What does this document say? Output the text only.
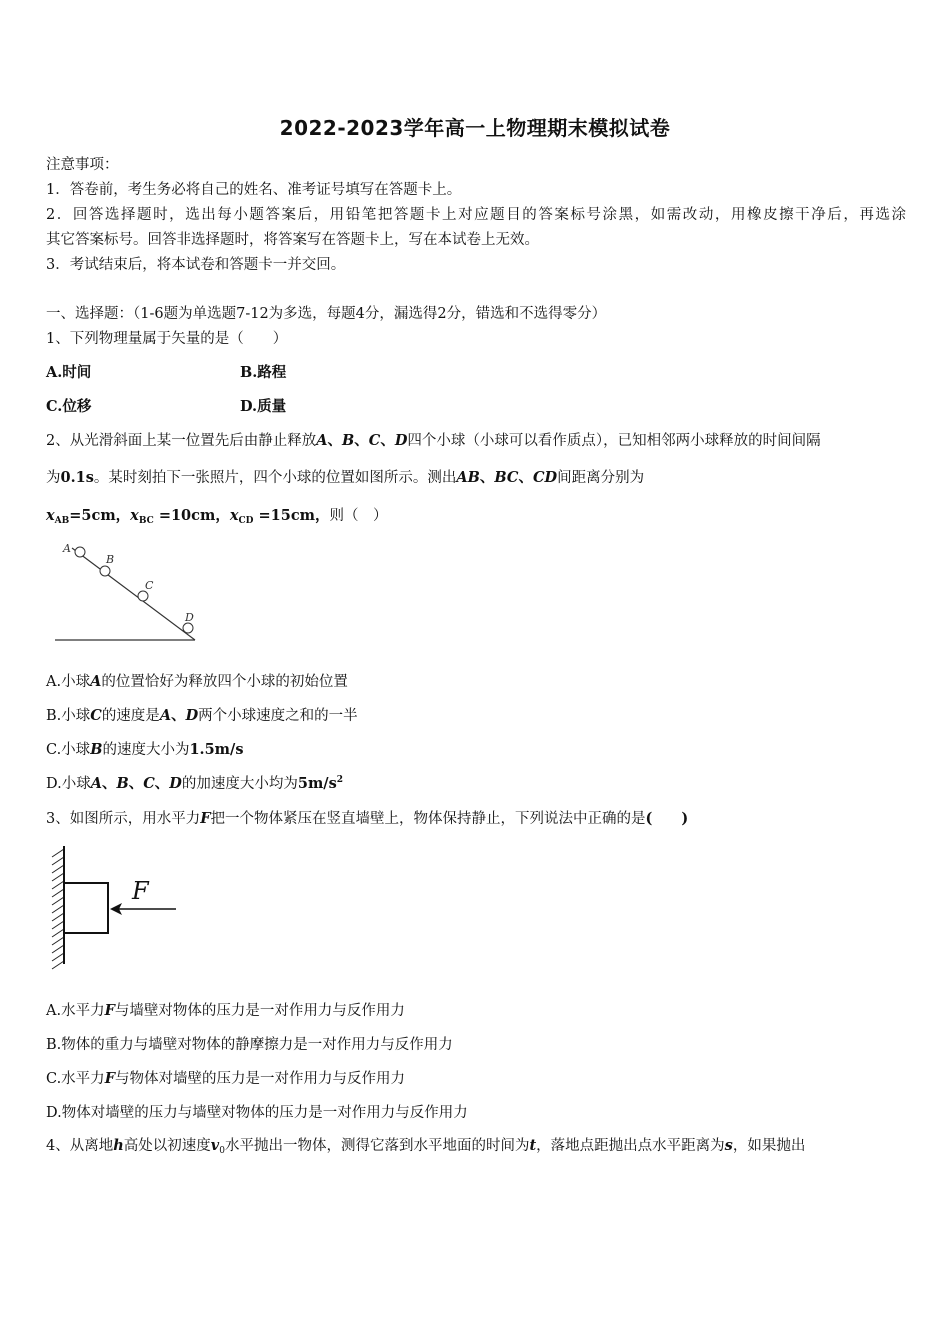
2022-2023学年高一上物理期末模拟试卷
注意事项：
1．答卷前，考生务必将自己的姓名、准考证号填写在答题卡上。
2．回答选择题时，选出每小题答案后，用铅笔把答题卡上对应题目的答案标号涂黑，如需改动，用橡皮擦干净后，再选涂
其它答案标号。回答非选择题时，将答案写在答题卡上，写在本试卷上无效。
3．考试结束后，将本试卷和答题卡一并交回。
一、选择题：（1-6题为单选题7-12为多选，每题4分，漏选得2分，错选和不选得零分）
1、下列物理量属于矢量的是（　　）
A.时间	B.路程
C.位移	D.质量
2、从光滑斜面上某一位置先后由静止释放A、B、C、D四个小球（小球可以看作质点），已知相邻两小球释放的时间间隔
为0.1s。某时刻拍下一张照片，四个小球的位置如图所示。测出AB、BC、CD间距离分别为
$x_{AB}=5cm$，$x_{BC} =10cm$，$x_{CD} =15cm$，则（　）
A
B
C
D
A.小球A的位置恰好为释放四个小球的初始位置
B.小球C的速度是A、D两个小球速度之和的一半
C.小球B的速度大小为1.5m/s
D.小球A、B、C、D的加速度大小均为$5m/s^2$
3、如图所示，用水平力F把一个物体紧压在竖直墙壁上，物体保持静止，下列说法中正确的是(　　)
F
A.水平力F与墙壁对物体的压力是一对作用力与反作用力
B.物体的重力与墙壁对物体的静摩擦力是一对作用力与反作用力
C.水平力F与物体对墙壁的压力是一对作用力与反作用力
D.物体对墙壁的压力与墙壁对物体的压力是一对作用力与反作用力
4、从离地h高处以初速度$v_0$水平抛出一物体，测得它落到水平地面的时间为t，落地点距抛出点水平距离为s，如果抛出
